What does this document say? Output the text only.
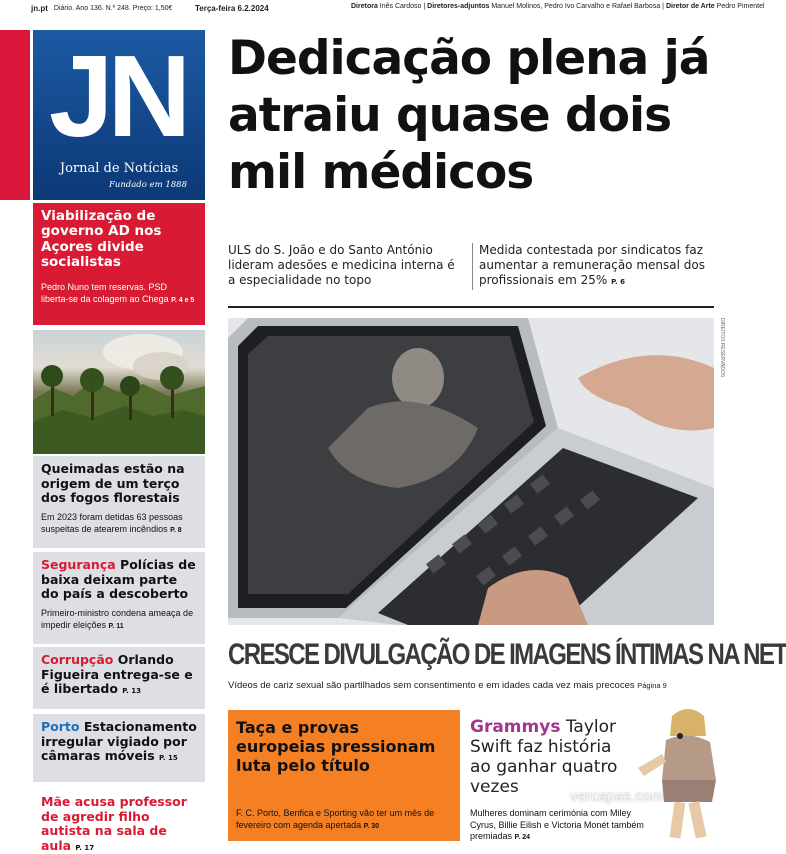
jn.pt Diário. Ano 136. N.º 248. Preço: 1,50€	Terça-feira 6.2.2024	Diretora Inês Cardoso | Diretores-adjuntos Manuel Molinos, Pedro Ivo Carvalho e Rafael Barbosa | Diretor de Arte Pedro Pimentel
JN
Jornal de Notícias
Fundado em 1888
Viabilização de governo AD nos Açores divide socialistas

Pedro Nuno tem reservas. PSD liberta-se da colagem ao Chega P. 4 e 5

Queimadas estão na origem de um terço dos fogos florestais

Em 2023 foram detidas 63 pessoas suspeitas de atearem incêndios P. 8

Segurança Polícias de baixa deixam parte do país a descoberto

Primeiro-ministro condena ameaça de impedir eleições P. 11

Corrupção Orlando Figueira entrega-se e é libertado P. 13
Porto Estacionamento irregular vigiado por câmaras móveis P. 15
Mãe acusa professor de agredir filho autista na sala de aula P. 17
Dedicação plena já atraiu quase dois mil médicos
ULS do S. João e do Santo António lideram adesões e medicina interna é a especialidade no topo
Medida contestada por sindicatos faz aumentar a remuneração mensal dos profissionais em 25% P. 6
DIREITOS RESERVADOS
CRESCE DIVULGAÇÃO DE IMAGENS ÍNTIMAS NA NET
Vídeos de cariz sexual são partilhados sem consentimento e em idades cada vez mais precoces Página 9
Taça e provas europeias pressionam luta pelo título

F. C. Porto, Benfica e Sporting vão ter um mês de fevereiro com agenda apertada P. 30

Grammys Taylor Swift faz história ao ganhar quatro vezes	vercapas.com

Mulheres dominam cerimónia com Miley Cyrus, Billie Eilish e Victoria Monét também premiadas P. 24
